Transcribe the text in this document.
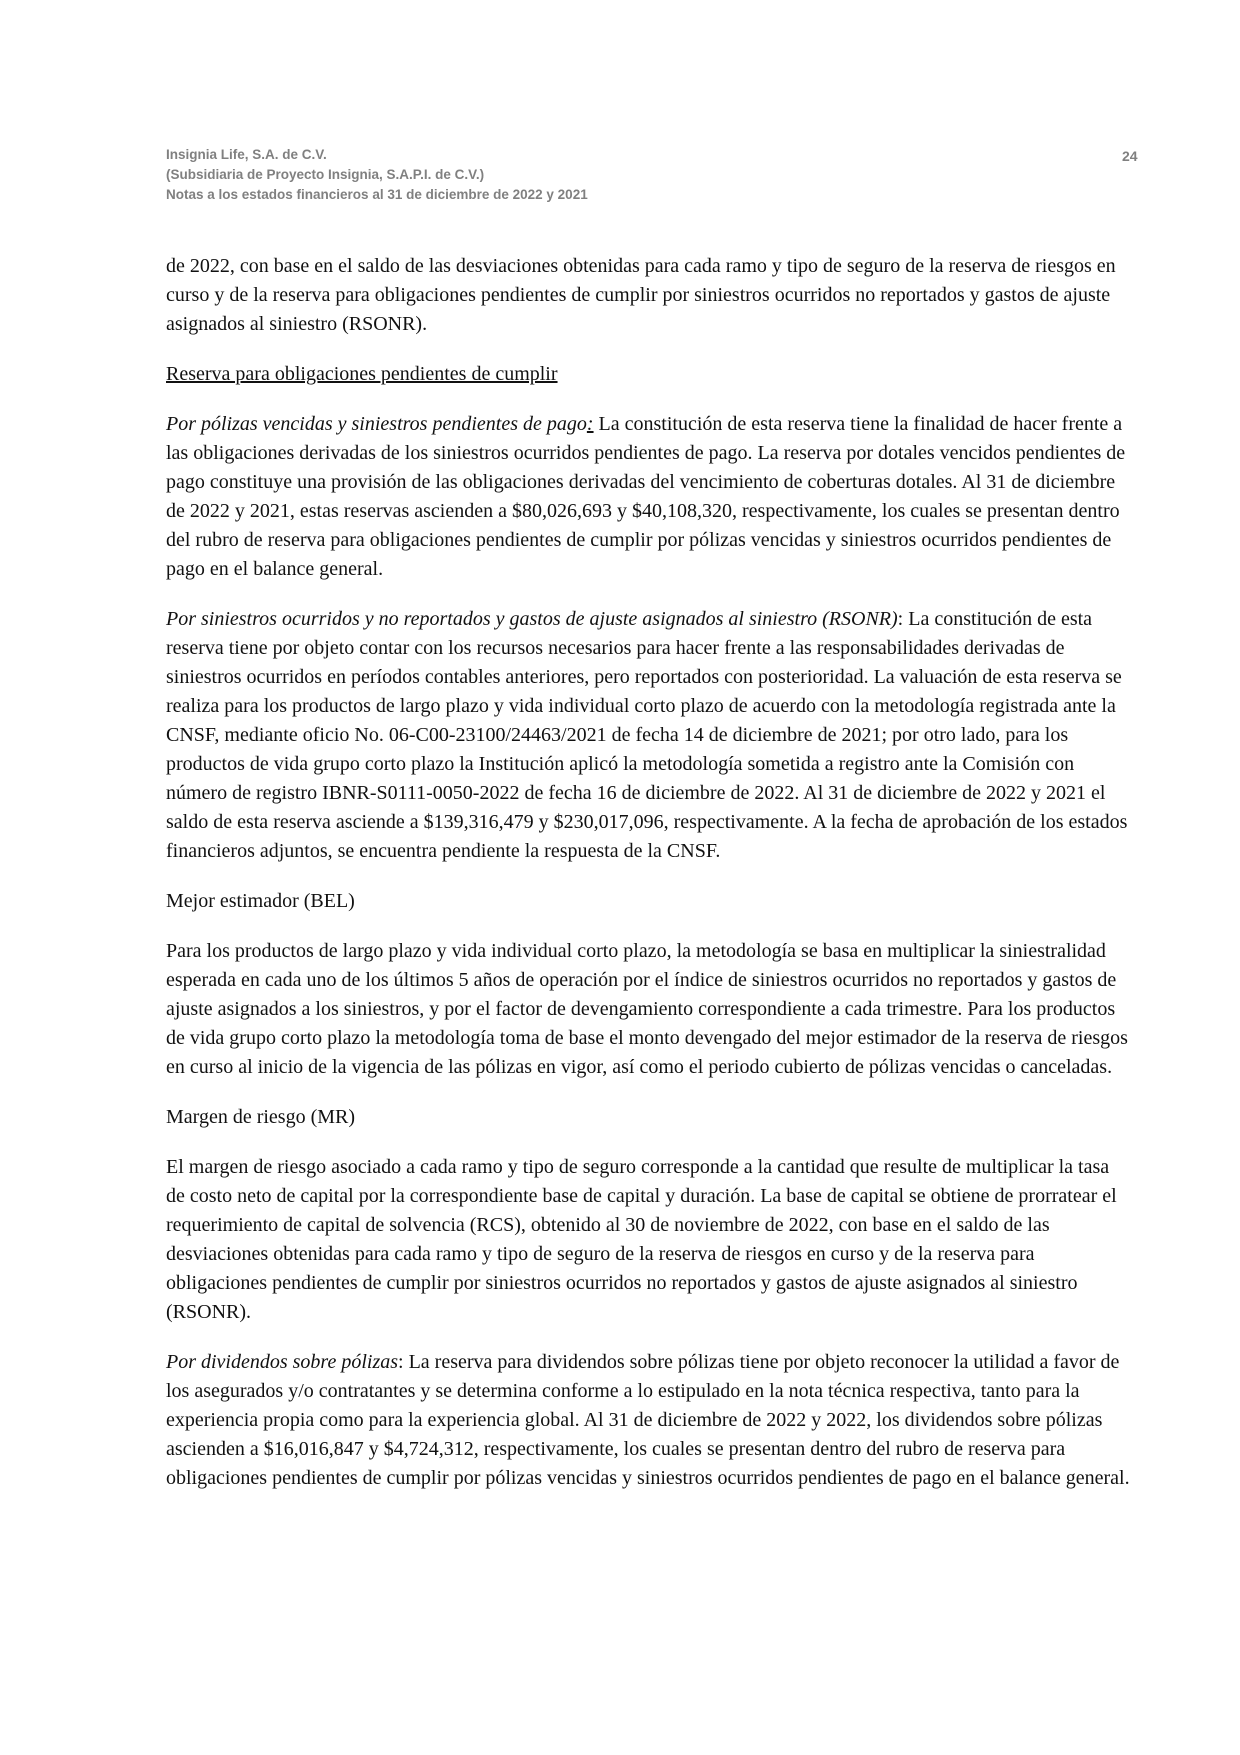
Insignia Life, S.A. de C.V.
(Subsidiaria de Proyecto Insignia, S.A.P.I. de C.V.)
Notas a los estados financieros al 31 de diciembre de 2022 y 2021
24

de 2022, con base en el saldo de las desviaciones obtenidas para cada ramo y tipo de seguro de la reserva de riesgos en curso y de la reserva para obligaciones pendientes de cumplir por siniestros ocurridos no reportados y gastos de ajuste asignados al siniestro (RSONR).

Reserva para obligaciones pendientes de cumplir

Por pólizas vencidas y siniestros pendientes de pago: La constitución de esta reserva tiene la finalidad de hacer frente a las obligaciones derivadas de los siniestros ocurridos pendientes de pago. La reserva por dotales vencidos pendientes de pago constituye una provisión de las obligaciones derivadas del vencimiento de coberturas dotales. Al 31 de diciembre de 2022 y 2021, estas reservas ascienden a $80,026,693 y $40,108,320, respectivamente, los cuales se presentan dentro del rubro de reserva para obligaciones pendientes de cumplir por pólizas vencidas y siniestros ocurridos pendientes de pago en el balance general.

Por siniestros ocurridos y no reportados y gastos de ajuste asignados al siniestro (RSONR): La constitución de esta reserva tiene por objeto contar con los recursos necesarios para hacer frente a las responsabilidades derivadas de siniestros ocurridos en períodos contables anteriores, pero reportados con posterioridad. La valuación de esta reserva se realiza para los productos de largo plazo y vida individual corto plazo de acuerdo con la metodología registrada ante la CNSF, mediante oficio No. 06-C00-23100/24463/2021 de fecha 14 de diciembre de 2021; por otro lado, para los productos de vida grupo corto plazo la Institución aplicó la metodología sometida a registro ante la Comisión con número de registro IBNR-S0111-0050-2022 de fecha 16 de diciembre de 2022. Al 31 de diciembre de 2022 y 2021 el saldo de esta reserva asciende a $139,316,479 y $230,017,096, respectivamente. A la fecha de aprobación de los estados financieros adjuntos, se encuentra pendiente la respuesta de la CNSF.

Mejor estimador (BEL)

Para los productos de largo plazo y vida individual corto plazo, la metodología se basa en multiplicar la siniestralidad esperada en cada uno de los últimos 5 años de operación por el índice de siniestros ocurridos no reportados y gastos de ajuste asignados a los siniestros, y por el factor de devengamiento correspondiente a cada trimestre. Para los productos de vida grupo corto plazo la metodología toma de base el monto devengado del mejor estimador de la reserva de riesgos en curso al inicio de la vigencia de las pólizas en vigor, así como el periodo cubierto de pólizas vencidas o canceladas.

Margen de riesgo (MR)

El margen de riesgo asociado a cada ramo y tipo de seguro corresponde a la cantidad que resulte de multiplicar la tasa de costo neto de capital por la correspondiente base de capital y duración. La base de capital se obtiene de prorratear el requerimiento de capital de solvencia (RCS), obtenido al 30 de noviembre de 2022, con base en el saldo de las desviaciones obtenidas para cada ramo y tipo de seguro de la reserva de riesgos en curso y de la reserva para obligaciones pendientes de cumplir por siniestros ocurridos no reportados y gastos de ajuste asignados al siniestro (RSONR).

Por dividendos sobre pólizas: La reserva para dividendos sobre pólizas tiene por objeto reconocer la utilidad a favor de los asegurados y/o contratantes y se determina conforme a lo estipulado en la nota técnica respectiva, tanto para la experiencia propia como para la experiencia global. Al 31 de diciembre de 2022 y 2022, los dividendos sobre pólizas ascienden a $16,016,847 y $4,724,312, respectivamente, los cuales se presentan dentro del rubro de reserva para obligaciones pendientes de cumplir por pólizas vencidas y siniestros ocurridos pendientes de pago en el balance general.
